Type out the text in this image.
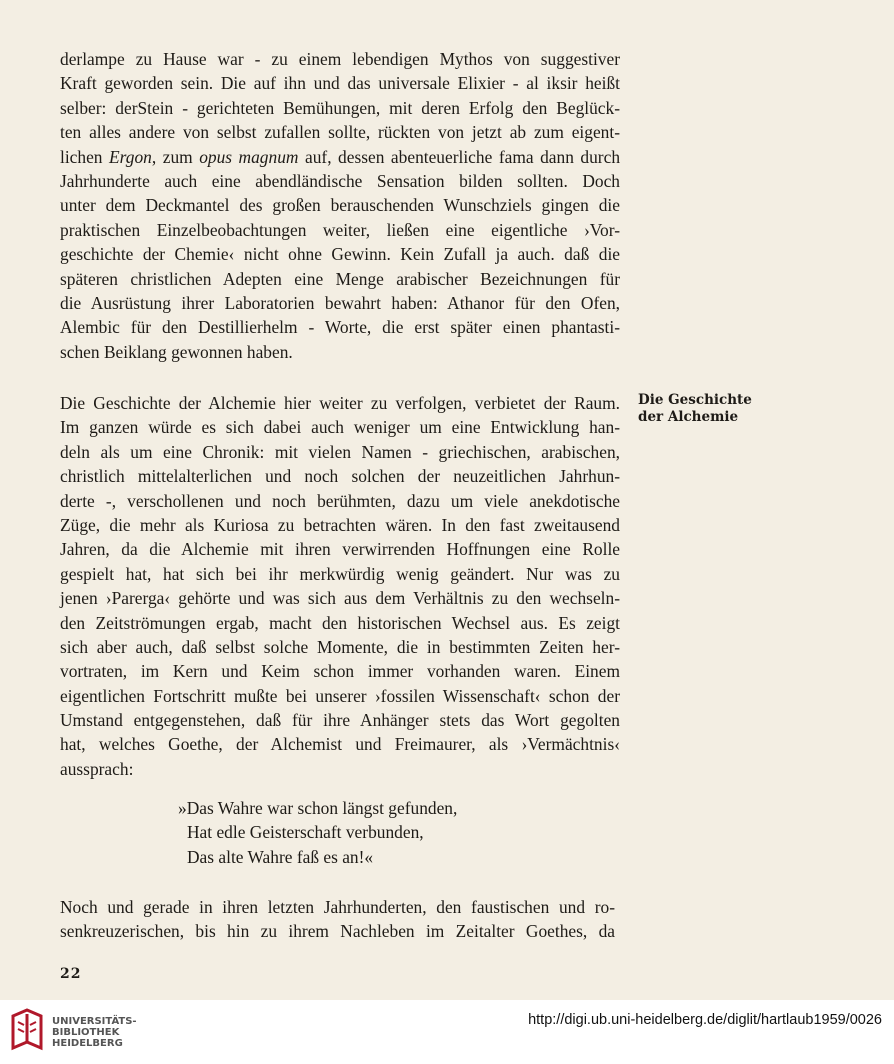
derlampe zu Hause war - zu einem lebendigen Mythos von suggestiver
Kraft geworden sein. Die auf ihn und das universale Elixier - al iksir heißt
selber: derStein - gerichteten Bemühungen, mit deren Erfolg den Beglück-
ten alles andere von selbst zufallen sollte, rückten von jetzt ab zum eigent-
lichen Ergon, zum opus magnum auf, dessen abenteuerliche fama dann durch
Jahrhunderte auch eine abendländische Sensation bilden sollten. Doch
unter dem Deckmantel des großen berauschenden Wunschziels gingen die
praktischen Einzelbeobachtungen weiter, ließen eine eigentliche ›Vor-
geschichte der Chemie‹ nicht ohne Gewinn. Kein Zufall ja auch. daß die
späteren christlichen Adepten eine Menge arabischer Bezeichnungen für
die Ausrüstung ihrer Laboratorien bewahrt haben: Athanor für den Ofen,
Alembic für den Destillierhelm - Worte, die erst später einen phantasti-
schen Beiklang gewonnen haben.
Die Geschichte der Alchemie hier weiter zu verfolgen, verbietet der Raum.
Im ganzen würde es sich dabei auch weniger um eine Entwicklung han-
deln als um eine Chronik: mit vielen Namen - griechischen, arabischen,
christlich mittelalterlichen und noch solchen der neuzeitlichen Jahrhun-
derte -, verschollenen und noch berühmten, dazu um viele anekdotische
Züge, die mehr als Kuriosa zu betrachten wären. In den fast zweitausend
Jahren, da die Alchemie mit ihren verwirrenden Hoffnungen eine Rolle
gespielt hat, hat sich bei ihr merkwürdig wenig geändert. Nur was zu
jenen ›Parerga‹ gehörte und was sich aus dem Verhältnis zu den wechseln-
den Zeitströmungen ergab, macht den historischen Wechsel aus. Es zeigt
sich aber auch, daß selbst solche Momente, die in bestimmten Zeiten her-
vortraten, im Kern und Keim schon immer vorhanden waren. Einem
eigentlichen Fortschritt mußte bei unserer ›fossilen Wissenschaft‹ schon der
Umstand entgegenstehen, daß für ihre Anhänger stets das Wort gegolten
hat, welches Goethe, der Alchemist und Freimaurer, als ›Vermächtnis‹
aussprach:
»Das Wahre war schon längst gefunden,
Hat edle Geisterschaft verbunden,
Das alte Wahre faß es an!«
Noch und gerade in ihren letzten Jahrhunderten, den faustischen und ro-
senkreuzerischen, bis hin zu ihrem Nachleben im Zeitalter Goethes, da
Die Geschichte
der Alchemie
22
UNIVERSITÄTS-
BIBLIOTHEK
HEIDELBERG
http://digi.ub.uni-heidelberg.de/diglit/hartlaub1959/0026
